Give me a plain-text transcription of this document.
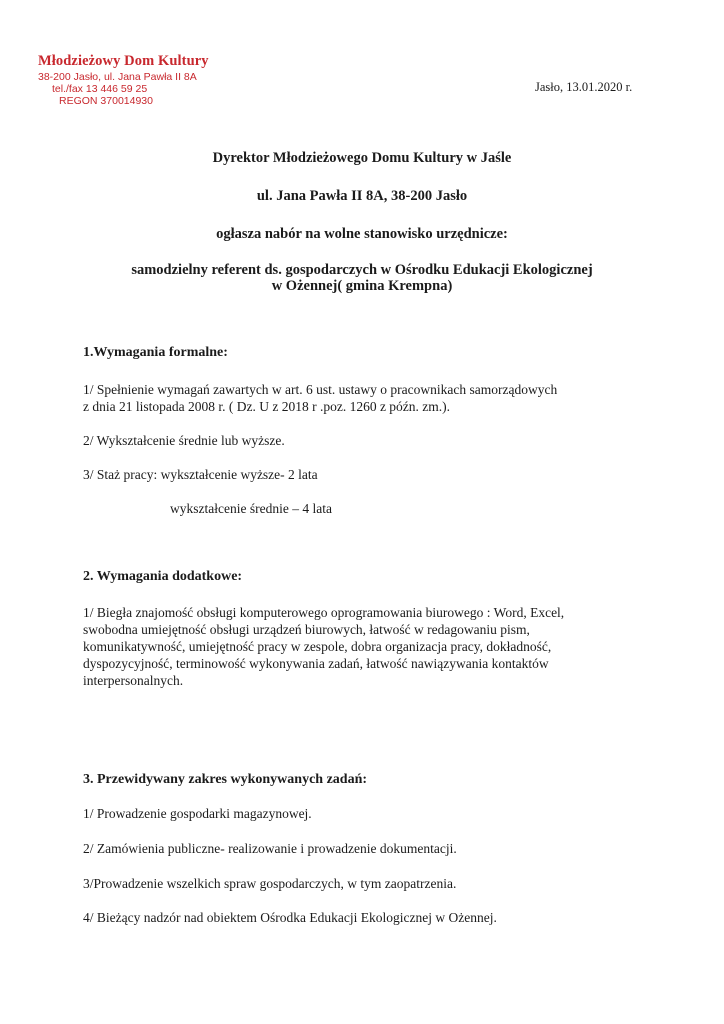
Młodzieżowy Dom Kultury
38-200 Jasło, ul. Jana Pawła II 8A
tel./fax 13 446 59 25
REGON 370014930
Jasło, 13.01.2020 r.
Dyrektor Młodzieżowego Domu Kultury w Jaśle
ul. Jana Pawła II 8A, 38-200 Jasło
ogłasza nabór na wolne stanowisko urzędnicze:
samodzielny referent ds. gospodarczych w Ośrodku Edukacji Ekologicznej
w Ożennej( gmina Krempna)
1.Wymagania formalne:
1/ Spełnienie wymagań zawartych w art. 6 ust. ustawy o pracownikach samorządowych
z dnia 21 listopada 2008 r. ( Dz. U z 2018 r .poz. 1260 z późn. zm.).
2/ Wykształcenie średnie lub wyższe.
3/ Staż pracy: wykształcenie wyższe- 2 lata
wykształcenie średnie – 4 lata
2. Wymagania dodatkowe:
1/ Biegła znajomość obsługi komputerowego oprogramowania biurowego : Word, Excel,
swobodna umiejętność obsługi urządzeń biurowych, łatwość w redagowaniu pism,
komunikatywność, umiejętność pracy w zespole, dobra organizacja pracy, dokładność,
dyspozycyjność, terminowość wykonywania zadań, łatwość nawiązywania kontaktów
interpersonalnych.
3. Przewidywany zakres wykonywanych zadań:
1/ Prowadzenie gospodarki magazynowej.
2/ Zamówienia publiczne- realizowanie i prowadzenie dokumentacji.
3/Prowadzenie wszelkich spraw gospodarczych, w tym zaopatrzenia.
4/ Bieżący nadzór nad obiektem Ośrodka Edukacji Ekologicznej w Ożennej.
